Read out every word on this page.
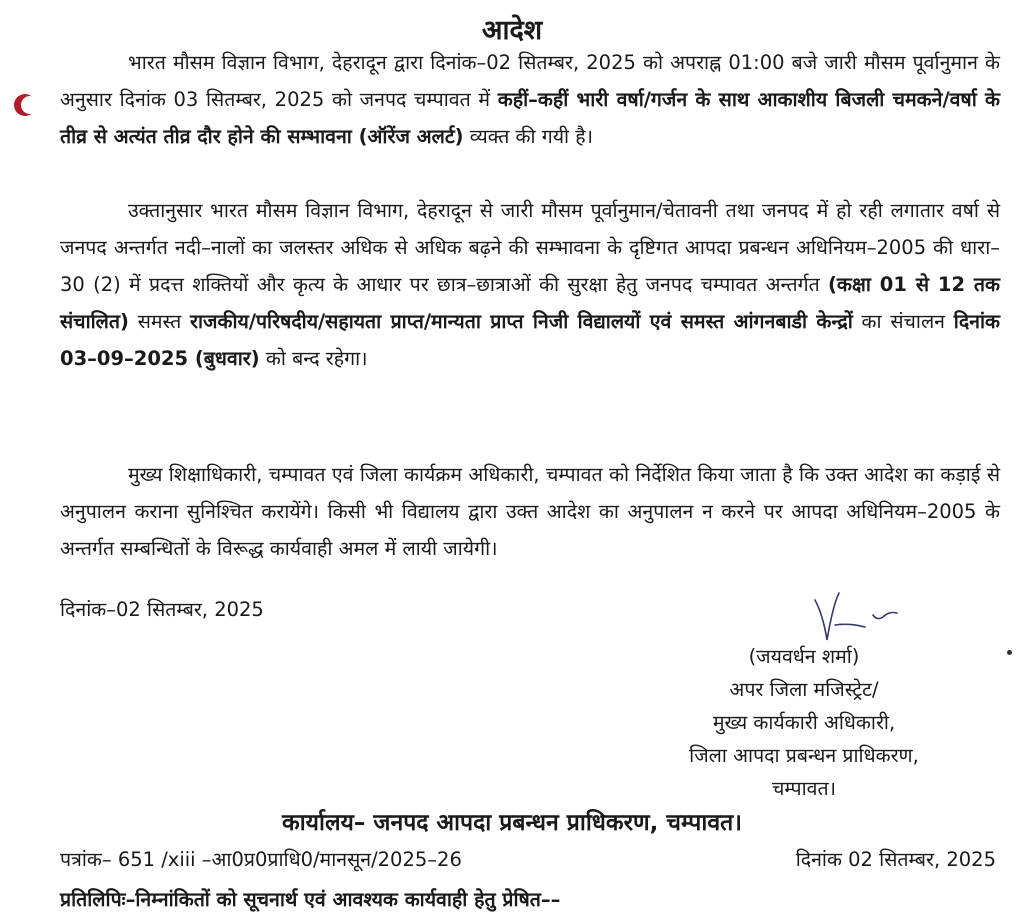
आदेश
भारत मौसम विज्ञान विभाग, देहरादून द्वारा दिनांक–02 सितम्बर, 2025 को अपराह्न 01:00 बजे जारी मौसम पूर्वानुमान के अनुसार दिनांक 03 सितम्बर, 2025 को जनपद चम्पावत में कहीं–कहीं भारी वर्षा/गर्जन के साथ आकाशीय बिजली चमकने/वर्षा के तीव्र से अत्यंत तीव्र दौर होने की सम्भावना (ऑरेंज अलर्ट) व्यक्त की गयी है।
उक्तानुसार भारत मौसम विज्ञान विभाग, देहरादून से जारी मौसम पूर्वानुमान/चेतावनी तथा जनपद में हो रही लगातार वर्षा से जनपद अन्तर्गत नदी–नालों का जलस्तर अधिक से अधिक बढ़ने की सम्भावना के दृष्टिगत आपदा प्रबन्धन अधिनियम–2005 की धारा–30 (2) में प्रदत्त शक्तियों और कृत्य के आधार पर छात्र–छात्राओं की सुरक्षा हेतु जनपद चम्पावत अन्तर्गत (कक्षा 01 से 12 तक संचालित) समस्त राजकीय/परिषदीय/सहायता प्राप्त/मान्यता प्राप्त निजी विद्यालयों एवं समस्त आंगनबाडी केन्द्रों का संचालन दिनांक 03–09–2025 (बुधवार) को बन्द रहेगा।
मुख्य शिक्षाधिकारी, चम्पावत एवं जिला कार्यक्रम अधिकारी, चम्पावत को निर्देशित किया जाता है कि उक्त आदेश का कड़ाई से अनुपालन कराना सुनिश्चित करायेंगे। किसी भी विद्यालय द्वारा उक्त आदेश का अनुपालन न करने पर आपदा अधिनियम–2005 के अन्तर्गत सम्बन्धितों के विरूद्ध कार्यवाही अमल में लायी जायेगी।
दिनांक–02 सितम्बर, 2025
(जयवर्धन शर्मा)
अपर जिला मजिस्ट्रेट/
मुख्य कार्यकारी अधिकारी,
जिला आपदा प्रबन्धन प्राधिकरण,
चम्पावत।
कार्यालय– जनपद आपदा प्रबन्धन प्राधिकरण, चम्पावत।
पत्रांक– 651 /xiii –आ0प्र0प्राधि0/मानसून/2025–26	दिनांक 02 सितम्बर, 2025
प्रतिलिपिः–निम्नांकितों को सूचनार्थ एवं आवश्यक कार्यवाही हेतु प्रेषित––
